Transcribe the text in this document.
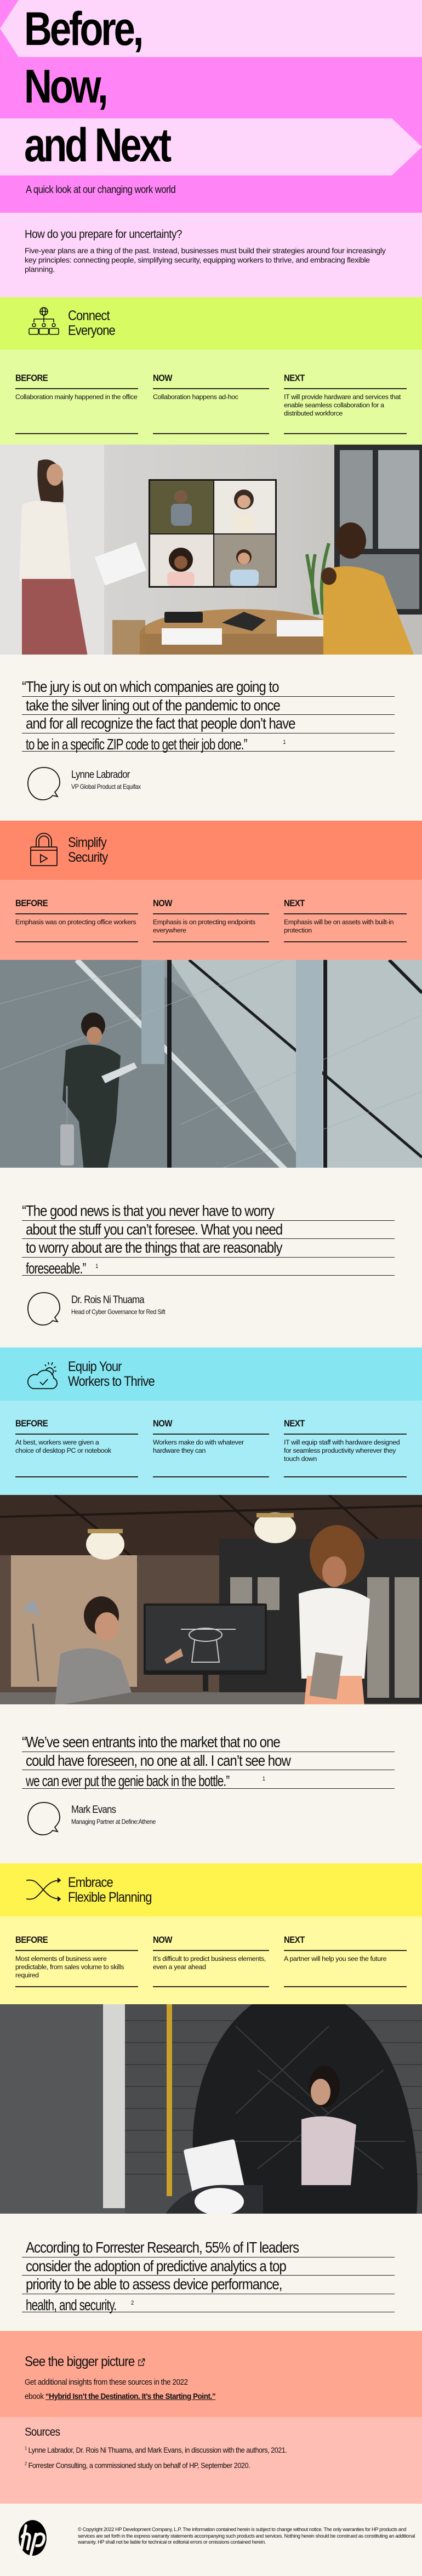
Before,
Now,
and Next
A quick look at our changing work world
How do you prepare for uncertainty?

Five-year plans are a thing of the past. Instead, businesses must build their strategies around four increasingly key principles: connecting people, simplifying security, equipping workers to thrive, and embracing flexible planning.

Connect
Everyone
BEFORE
Collaboration mainly happened in the office
NOW
Collaboration happens ad-hoc
NEXT
IT will provide hardware and services that enable seamless collaboration for a distributed workforce
“The jury is out on which companies are going to
take the silver lining out of the pandemic to once
and for all recognize the fact that people don’t have
to be in a specific ZIP code to get their job done.”	$^1$
Lynne Labrador
VP Global Product at Equifax
Simplify
Security
BEFORE
Emphasis was on protecting office workers
NOW
Emphasis is on protecting endpoints everywhere
NEXT
Emphasis will be on assets with built-in protection
“The good news is that you never have to worry
about the stuff you can’t foresee. What you need
to worry about are the things that are reasonably
foreseeable.” $^1$
Dr. Rois Ni Thuama
Head of Cyber Governance for Red Sift
Equip Your
Workers to Thrive
BEFORE
At best, workers were given a choice of desktop PC or notebook
NOW
Workers make do with whatever hardware they can
NEXT
IT will equip staff with hardware designed for seamless productivity wherever they touch down
“We’ve seen entrants into the market that no one
could have foreseen, no one at all. I can’t see how
we can ever put the genie back in the bottle.”	$^1$
Mark Evans
Managing Partner at Define:Athene
Embrace
Flexible Planning
BEFORE
Most elements of business were predictable, from sales volume to skills required
NOW
It’s difficult to predict business elements, even a year ahead
NEXT
A partner will help you see the future
According to Forrester Research, 55% of IT leaders
consider the adoption of predictive analytics a top
priority to be able to assess device performance,
health, and security. $^2$
See the bigger picture

Get additional insights from these sources in the 2022
ebook “Hybrid Isn’t the Destination. It’s the Starting Point.”

Sources
$^1$ Lynne Labrador, Dr. Rois Ni Thuama, and Mark Evans, in discussion with the authors, 2021.
$^2$ Forrester Consulting, a commissioned study on behalf of HP, September 2020.

© Copyright 2022 HP Development Company, L.P. The information contained herein is subject to change without notice. The only warranties for HP products and services are set forth in the express warranty statements accompanying such products and services. Nothing herein should be construed as constituting an additional warranty. HP shall not be liable for technical or editorial errors or omissions contained herein.
